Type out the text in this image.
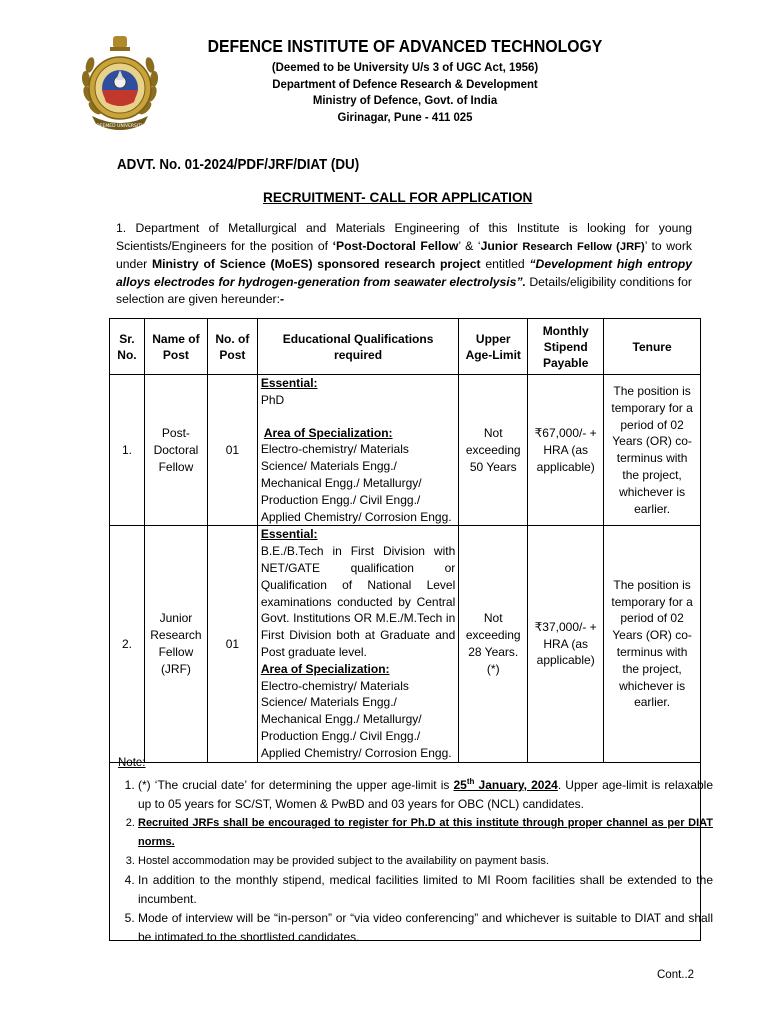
DEEMED UNIVERSITY
DEFENCE INSTITUTE OF ADVANCED TECHNOLOGY
(Deemed to be University U/s 3 of UGC Act, 1956)
Department of Defence Research & Development
Ministry of Defence, Govt. of India
Girinagar, Pune - 411 025
ADVT. No. 01-2024/PDF/JRF/DIAT (DU)
RECRUITMENT- CALL FOR APPLICATION
1. Department of Metallurgical and Materials Engineering of this Institute is looking for young Scientists/Engineers for the position of ‘Post-Doctoral Fellow’ & ‘Junior Research Fellow (JRF)’ to work under Ministry of Science (MoES) sponsored research project entitled “Development high entropy alloys electrodes for hydrogen-generation from seawater electrolysis”. Details/eligibility conditions for selection are given hereunder:-
Sr. No.	Name of Post	No. of Post	Educational Qualifications required	Upper Age-Limit	Monthly Stipend Payable	Tenure
1.	Post-Doctoral Fellow	01	Essential:
PhD
Area of Specialization:
Electro-chemistry/ Materials Science/ Materials Engg./ Mechanical Engg./ Metallurgy/ Production Engg./ Civil Engg./ Applied Chemistry/ Corrosion Engg.	Not exceeding 50 Years	₹67,000/- + HRA (as applicable)	The position is temporary for a period of 02 Years (OR) co-terminus with the project, whichever is earlier.
2.	Junior Research Fellow (JRF)	01	Essential:
B.E./B.Tech in First Division with NET/GATE qualification or Qualification of National Level examinations conducted by Central Govt. Institutions OR M.E./M.Tech in First Division both at Graduate and Post graduate level.
Area of Specialization:
Electro-chemistry/ Materials Science/ Materials Engg./ Mechanical Engg./ Metallurgy/ Production Engg./ Civil Engg./ Applied Chemistry/ Corrosion Engg.	Not exceeding 28 Years. (*)	₹37,000/- + HRA (as applicable)	The position is temporary for a period of 02 Years (OR) co-terminus with the project, whichever is earlier.
Note:
1. (*) ‘The crucial date’ for determining the upper age-limit is 25th January, 2024. Upper age-limit is relaxable up to 05 years for SC/ST, Women & PwBD and 03 years for OBC (NCL) candidates.
2. Recruited JRFs shall be encouraged to register for Ph.D at this institute through proper channel as per DIAT norms.
3. Hostel accommodation may be provided subject to the availability on payment basis.
4. In addition to the monthly stipend, medical facilities limited to MI Room facilities shall be extended to the incumbent.
5. Mode of interview will be “in-person” or “via video conferencing” and whichever is suitable to DIAT and shall be intimated to the shortlisted candidates.
Cont..2
